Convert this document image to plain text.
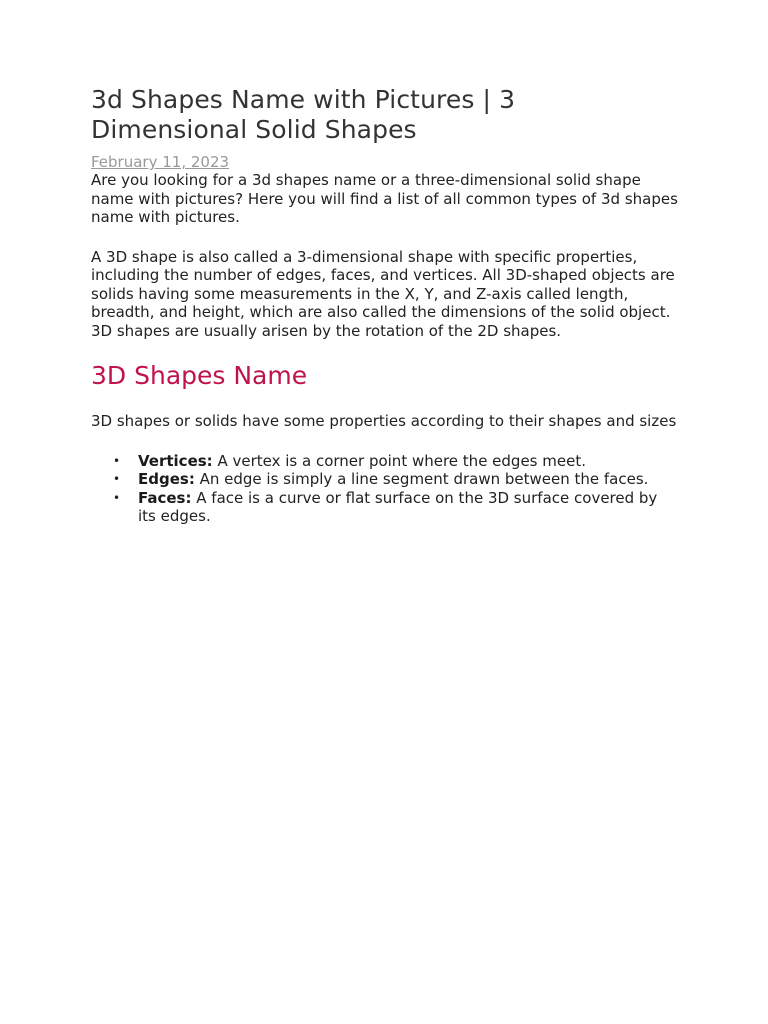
3d Shapes Name with Pictures | 3 Dimensional Solid Shapes
February 11, 2023

Are you looking for a 3d shapes name or a three-dimensional solid shape name with pictures? Here you will find a list of all common types of 3d shapes name with pictures.

A 3D shape is also called a 3-dimensional shape with specific properties, including the number of edges, faces, and vertices. All 3D-shaped objects are solids having some measurements in the X, Y, and Z-axis called length, breadth, and height, which are also called the dimensions of the solid object. 3D shapes are usually arisen by the rotation of the 2D shapes.

3D Shapes Name

3D shapes or solids have some properties according to their shapes and sizes

• Vertices: A vertex is a corner point where the edges meet.
• Edges: An edge is simply a line segment drawn between the faces.
• Faces: A face is a curve or flat surface on the 3D surface covered by its edges.
